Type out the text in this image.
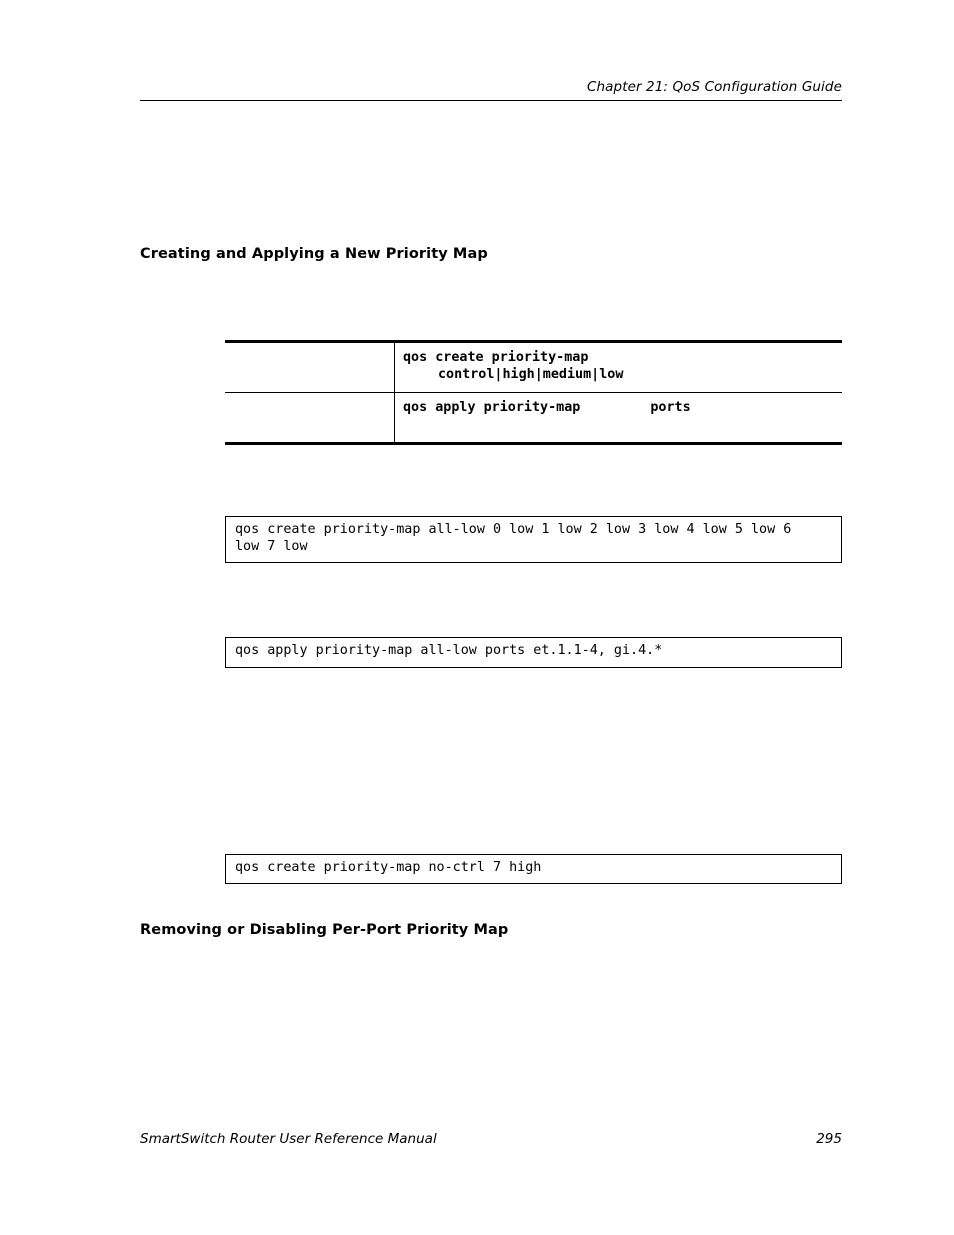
Chapter 21: QoS Configuration Guide
Creating and Applying a New Priority Map
qos create priority-map
control|high|medium|low
qos apply priority-map	ports
qos create priority-map all-low 0 low 1 low 2 low 3 low 4 low 5 low 6
low 7 low
qos apply priority-map all-low ports et.1.1-4, gi.4.*
qos create priority-map no-ctrl 7 high
Removing or Disabling Per-Port Priority Map
SmartSwitch Router User Reference Manual	295
